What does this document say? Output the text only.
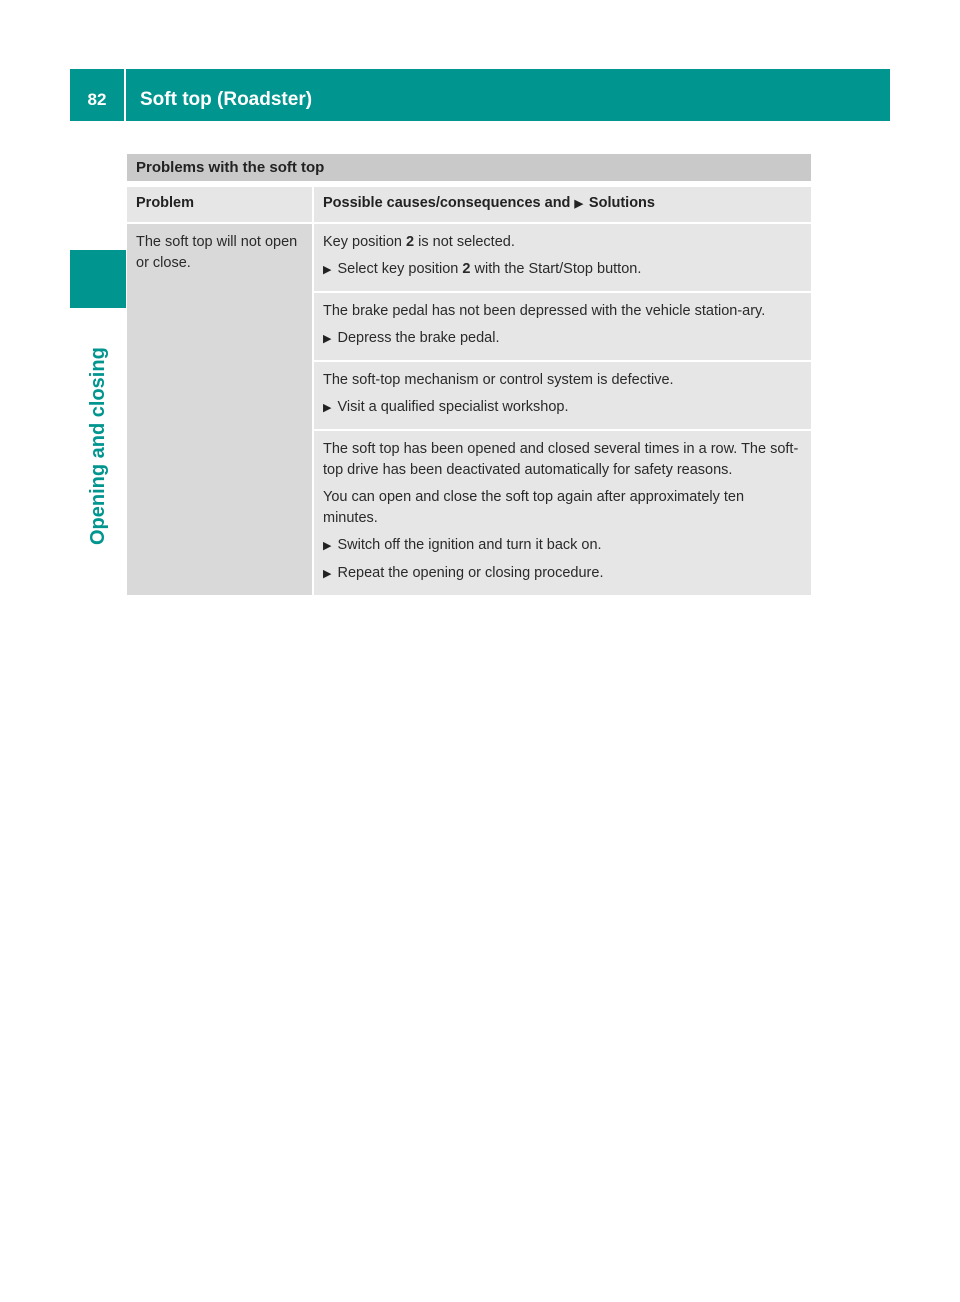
82	Soft top (Roadster)
Opening and closing
Problems with the soft top
Problem	Possible causes/consequences and ▶ Solutions
The soft top will not open or close.

Key position 2 is not selected.

▶ Select key position 2 with the Start/Stop button.

The brake pedal has not been depressed with the vehicle station-ary.

▶ Depress the brake pedal.

The soft-top mechanism or control system is defective.

▶ Visit a qualified specialist workshop.

The soft top has been opened and closed several times in a row. The soft-top drive has been deactivated automatically for safety reasons.

You can open and close the soft top again after approximately ten minutes.

▶ Switch off the ignition and turn it back on.
▶ Repeat the opening or closing procedure.
